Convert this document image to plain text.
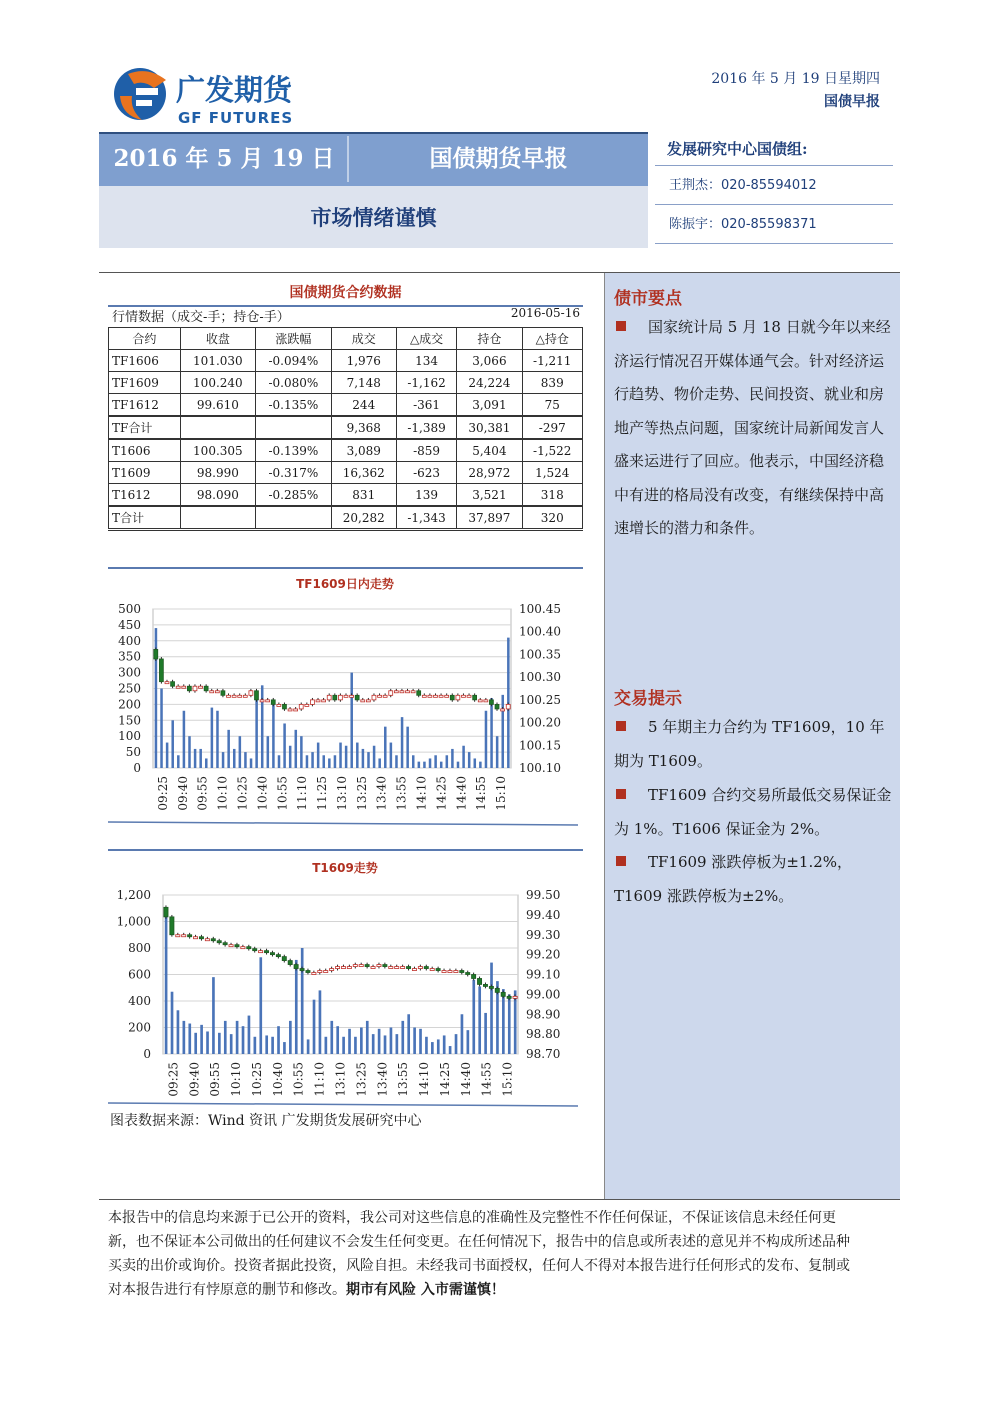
广发期货
GF FUTURES
2016 年 5 月 19 日星期四
国债早报
2016 年 5 月 19 日	国债期货早报
市场情绪谨慎
发展研究中心国债组:
王荆杰：020-85594012
陈振宇：020-85598371
国债期货合约数据
行情数据（成交-手；持仓-手）	2016-05-16
合约	收盘	涨跌幅	成交	△成交	持仓	△持仓
TF1606	101.030	-0.094%	1,976	134	3,066	-1,211
TF1609	100.240	-0.080%	7,148	-1,162	24,224	839
TF1612	99.610	-0.135%	244	-361	3,091	75
TF合计			9,368	-1,389	30,381	-297
T1606	100.305	-0.139%	3,089	-859	5,404	-1,522
T1609	98.990	-0.317%	16,362	-623	28,972	1,524
T1612	98.090	-0.285%	831	139	3,521	318
T合计			20,282	-1,343	37,897	320
TF1609日内走势
500
450
400
350
300
250
200
150
100
50
0
100.45
100.40
100.35
100.30
100.25
100.20
100.15
100.10
09:25 09:40 09:55 10:10 10:25 10:40 10:55 11:10 11:25 13:10 13:25 13:40 13:55 14:10 14:25 14:40 14:55 15:10
T1609走势
1,200
1,000
800
600
400
200
0
99.50
99.40
99.30
99.20
99.10
99.00
98.90
98.80
98.70
09:25 09:40 09:55 10:10 10:25 10:40 10:55 11:10 13:10 13:25 13:40 13:55 14:10 14:25 14:40 14:55 15:10
图表数据来源：Wind 资讯 广发期货发展研究中心
债市要点
国家统计局 5 月 18 日就今年以来经济运行情况召开媒体通气会。针对经济运行趋势、物价走势、民间投资、就业和房地产等热点问题，国家统计局新闻发言人盛来运进行了回应。他表示，中国经济稳中有进的格局没有改变，有继续保持中高速增长的潜力和条件。
交易提示
5 年期主力合约为 TF1609，10 年期为 T1609。
TF1609 合约交易所最低交易保证金为 1%。T1606 保证金为 2%。
TF1609 涨跌停板为±1.2%，T1609 涨跌停板为±2%。
本报告中的信息均来源于已公开的资料，我公司对这些信息的准确性及完整性不作任何保证，不保证该信息未经任何更新，也不保证本公司做出的任何建议不会发生任何变更。在任何情况下，报告中的信息或所表述的意见并不构成所述品种买卖的出价或询价。投资者据此投资，风险自担。未经我司书面授权，任何人不得对本报告进行任何形式的发布、复制或对本报告进行有悖原意的删节和修改。期市有风险 入市需谨慎！
